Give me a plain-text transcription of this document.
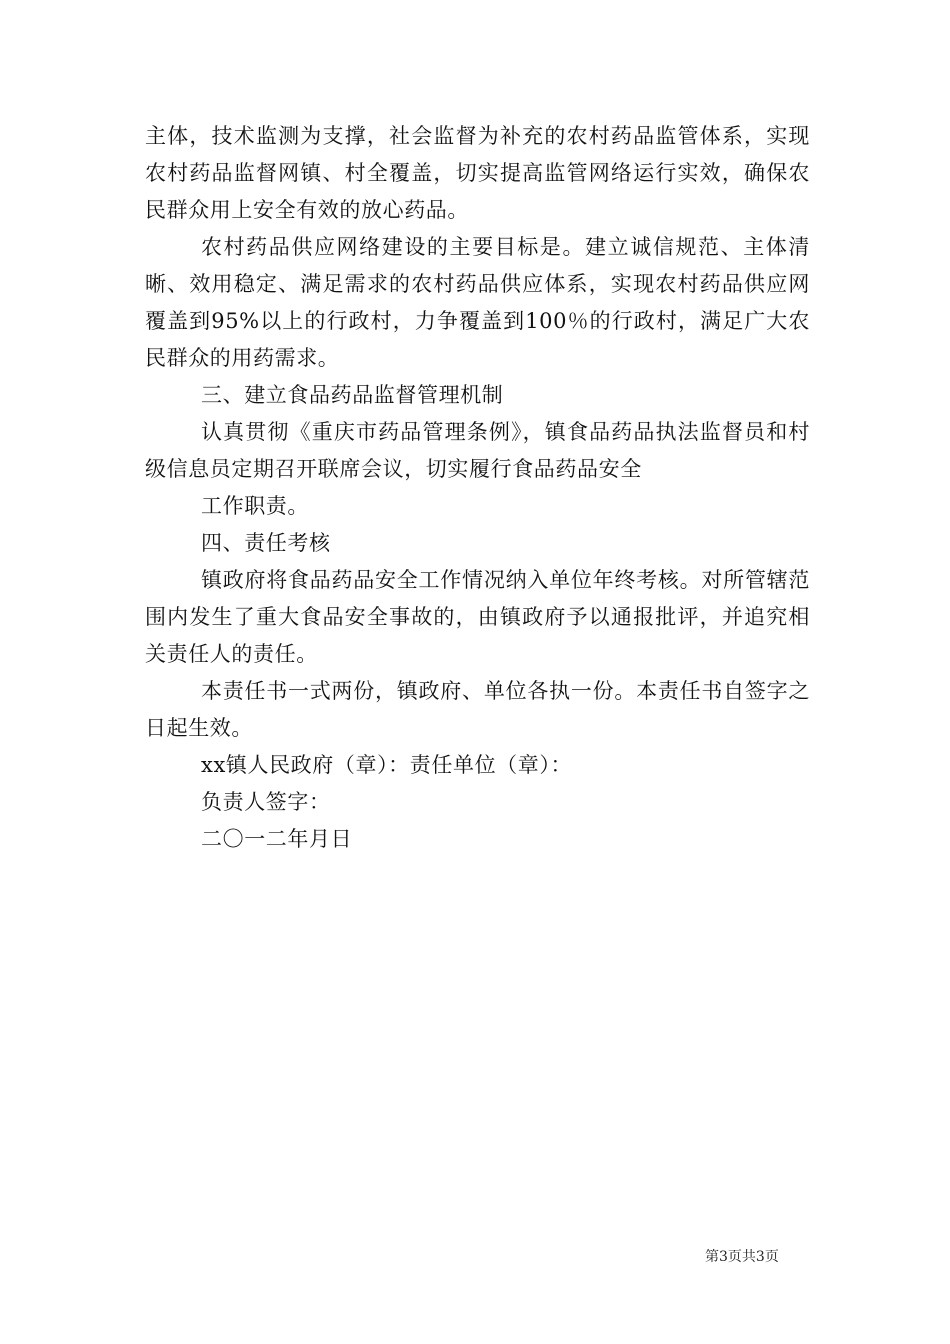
主体，技术监测为支撑，社会监督为补充的农村药品监管体系，实现农村药品监督网镇、村全覆盖，切实提高监管网络运行实效，确保农民群众用上安全有效的放心药品。

农村药品供应网络建设的主要目标是。建立诚信规范、主体清晰、效用稳定、满足需求的农村药品供应体系，实现农村药品供应网覆盖到95%以上的行政村，力争覆盖到100％的行政村，满足广大农民群众的用药需求。

三、建立食品药品监督管理机制

认真贯彻《重庆市药品管理条例》，镇食品药品执法监督员和村级信息员定期召开联席会议，切实履行食品药品安全

工作职责。

四、责任考核

镇政府将食品药品安全工作情况纳入单位年终考核。对所管辖范围内发生了重大食品安全事故的，由镇政府予以通报批评，并追究相关责任人的责任。

本责任书一式两份，镇政府、单位各执一份。本责任书自签字之日起生效。

xx镇人民政府（章）：责任单位（章）：

负责人签字：

二〇一二年月日

第3页共3页
